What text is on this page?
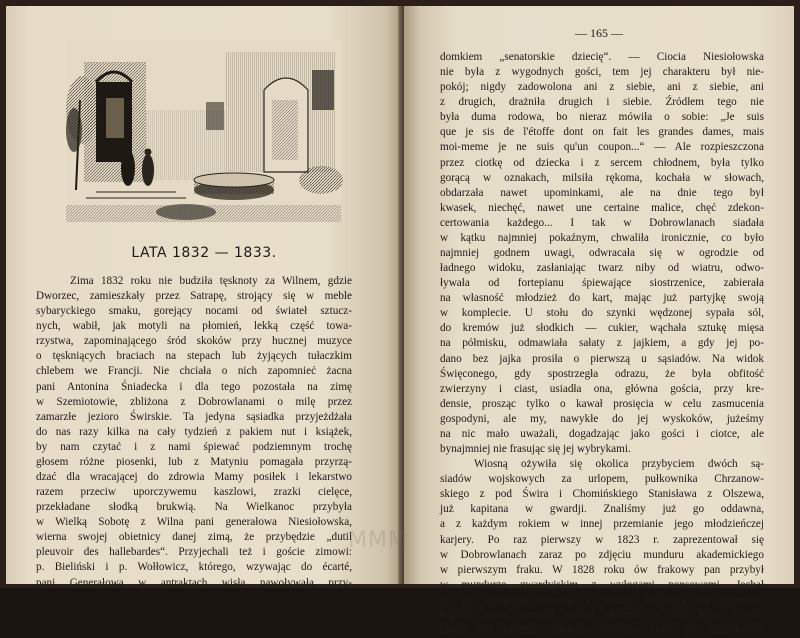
LATA 1832 — 1833.
Zima 1832 roku nie budziła tęsknoty za Wilnem, gdzie
Dworzec, zamieszkały przez Satrapę, strojący się w meble
sybaryckiego smaku, gorejący nocami od świateł sztucz-
nych, wabił, jak motyli na płomień, lekką część towa-
rzystwa, zapominającego śród skoków przy hucznej muzyce
o tęskniących braciach na stepach lub żyjących tułaczkim
chlebem we Francji. Nie chciała o nich zapomnieć żacna
pani Antonina Śniadecka i dla tego pozostała na zimę
w Szemiotowie, zbliżona z Dobrowlanami o milę przez
zamarzłe jezioro Świrskie. Ta jedyna sąsiadka przyjeżdżała
do nas razy kilka na cały tydzień z pakiem nut i książek,
by nam czytać i z nami śpiewać podziemnym trochę
głosem różne piosenki, lub z Matyniu pomagała przyrzą-
dzać dla wracającej do zdrowia Mamy posiłek i lekarstwo
razem przeciw uporczywemu kaszlowi, zrazki cielęce,
przekładane słodką brukwią. Na Wielkanoc przybyła
w Wielką Sobotę z Wilna pani generałowa Niesiołowska,
wierna swojej obietnicy danej zimą, że przybędzie „dutil
pleuvoir des hallebardes“. Przyjechali też i goście zimowi:
p. Bieliński i p. Wołłowicz, którego, wzywając do écarté,
pani Generałowa w antraktach wisła nawoływała przy-
— 165 —
domkiem „senatorskie dziecię“. — Ciocia Niesiołowska
nie była z wygodnych gości, tem jej charakteru był nie-
pokój; nigdy zadowolona ani z siebie, ani z siebie, ani
z drugich, drażniła drugich i siebie. Źródłem tego nie
była duma rodowa, bo nieraz mówiła o sobie: „Je suis
que je sis de l'étoffe dont on fait les grandes dames, mais
moi-meme je ne suis qu'un coupon...“ — Ale rozpieszczona
przez ciotkę od dziecka i z sercem chłodnem, była tylko
gorącą w oznakach, milsiła rękoma, kochała w słowach,
obdarzała nawet upominkami, ale na dnie tego był
kwasek, niechęć, nawet une certaine malice, chęć zdekon-
certowania każdego... I tak w Dobrowlanach siadała
w kątku najmniej pokaźnym, chwaliła ironicznie, co było
najmniej godnem uwagi, odwracała się w ogrodzie od
ładnego widoku, zasłaniając twarz niby od wiatru, odwo-
ływała od fortepianu śpiewające siostrzenice, zabierała
na własność młodzież do kart, mając już partyjkę swoją
w komplecie. U stołu do szynki wędzonej sypała sól,
do kremów już słodkich — cukier, wąchała sztukę mięsa
na półmisku, odmawiała sałaty z jajkiem, a gdy jej po-
dano bez jajka prosiła o pierwszą u sąsiadów. Na widok
Święconego, gdy spostrzegła odrazu, że była obfitość
zwierzyny i ciast, usiadła ona, główna gościa, przy kre-
densie, prosząc tylko o kawał prosięcia w celu zasmucenia
gospodyni, ale my, nawykłe do jej wyskoków, jużeśmy
na nic mało uważali, dogadzając jako gości i ciotce, ale
bynajmniej nie frasując się jej wybrykami.
Wiosną ożywiła się okolica przybyciem dwóch są-
siadów wojskowych za urlopem, pułkownika Chrzanow-
skiego z pod Świra i Chomińskiego Stanisława z Olszewa,
już kapitana w gwardji. Znaliśmy już go oddawna,
a z każdym rokiem w innej przemianie jego młodzieńczej
karjery. Po raz pierwszy w 1823 r. zaprezentował się
w Dobrowlanach zaraz po zdjęciu munduru akademickiego
w pierwszym fraku. W 1828 roku ów frakowy pan przybył
w mundurze gwardyjskim z wyłogami ponsowemi. Jechał
on na kampanję turecką, a widząc kończącą się natenczas
kaplicę naszą, uczynił votum złożenia w niej łupu. I tym
łupem był kindżał, nabijany srebrem, który po szczęśliwym
MMM
